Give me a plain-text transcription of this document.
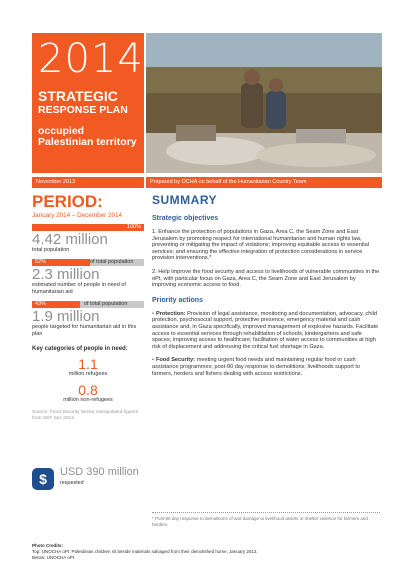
2014
STRATEGIC
RESPONSE PLAN
occupied Palestinian territory
November 2013	Prepared by OCHA on behalf of the Humanitarian Country Team
PERIOD:
January 2014 – December 2014
100%
4.42 million
total population
52%	of total population
2.3 million
estimated number of people in need of humanitarian aid
43%	of total population
1.9 million
people targeted for humanitarian aid in this plan
Key categories of people in need:
1.1
million refugees
0.8
million non-refugees
Source: Food Security Sector extrapolated figures from SEF Sec 2012
$	USD 390 million
requested
SUMMARY
Strategic objectives
1. Enhance the protection of populations in Gaza, Area C, the Seam Zone and East Jerusalem by promoting respect for international humanitarian and human rights law, preventing or mitigating the impact of violations; improving equitable access to essential services; and ensuring the effective integration of protection considerations in service provision interventions.*
2. Help improve the food security and access to livelihoods of vulnerable communities in the oPt, with particular focus on Gaza, Area C, the Seam Zone and East Jerusalem by improving economic access to food.
Priority actions
• Protection: Provision of legal assistance, monitoring and documentation, advocacy, child protection, psychosocial support, protective presence, emergency material and cash assistance and, in Gaza specifically, improved management of explosive hazards. Facilitate access to essential services through rehabilitation of schools, kindergartens and safe spaces; improving access to healthcare; facilitation of water access to communities at high risk of displacement and addressing the critical fuel shortage in Gaza.
• Food Security: meeting urgent food needs and maintaining regular food or cash assistance programmes; post-90 day response to demolitions; livelihoods support to farmers, herders and fishers dealing with access restrictions.
* Post-90 day response to demolitions of and damage to livelihood assets or shelter violence for farmers and herders.
Photo Credits:
Top: UNOCHA oPt: Palestinian children sit beside materials salvaged from their demolished home, January 2013.
Below: UNOCHA oPt
